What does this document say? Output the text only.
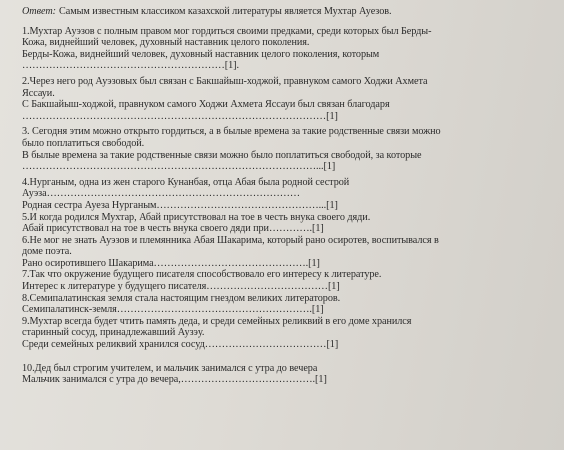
Ответ: Самым известным классиком казахской литературы является Мухтар Ауезов.
1.Мухтар Ауэзов с полным правом мог гордиться своими предками, среди которых был Берды-
Кожа, виднейший человек, духовный наставник целого поколения.
Берды-Кожа, виднейший человек, духовный наставник целого поколения, которым
……………………………………………………[1].
2.Через него род Ауэзовых был связан с Бакшайыш-ходжой, правнуком самого Ходжи Ахмета
Яссауи.
С Бакшайыш-ходжой, правнуком самого Ходжи Ахмета Яссауи был связан благодаря
………………………………………………………………………………[1]
3. Сегодня этим можно открыто гордиться, а в былые времена за такие родственные связи можно
было поплатиться свободой.
В былые времена за такие родственные связи можно было поплатиться свободой, за которые
……………………………………………………………………………...[1]
4.Нурганым, одна из жен старого Кунанбая, отца Абая была родной сестрой
Ауэза…………………………………………………………………
Родная сестра Ауеза Нурганым…………………………………………...[1]
5.И когда родился Мухтар, Абай присутствовал на тое в честь внука своего дяди.
Абай присутствовал на тое в честь внука своего дяди при………….[1]
6.Не мог не знать Ауэзов и племянника Абая Шакарима, который рано осиротев, воспитывался в
доме поэта.
Рано осиротившего Шакарима……………………………………….[1]
7.Так что окружение будущего писателя способствовало его интересу к литературе.
Интерес к литературе у будущего писателя………………………………[1]
8.Семипалатинская земля стала настоящим гнездом великих литераторов.
Семипалатинск-земля………………………………………………….[1]
9.Мухтар всегда будет чтить память деда, и среди семейных реликвий в его доме хранился
старинный сосуд, принадлежавший Аузэу.
Среди семейных реликвий хранился сосуд………………………………[1]
10.Дед был строгим учителем, и мальчик занимался с утра до вечера
Мальчик занимался с утра до вечера,………………………………….[1]
